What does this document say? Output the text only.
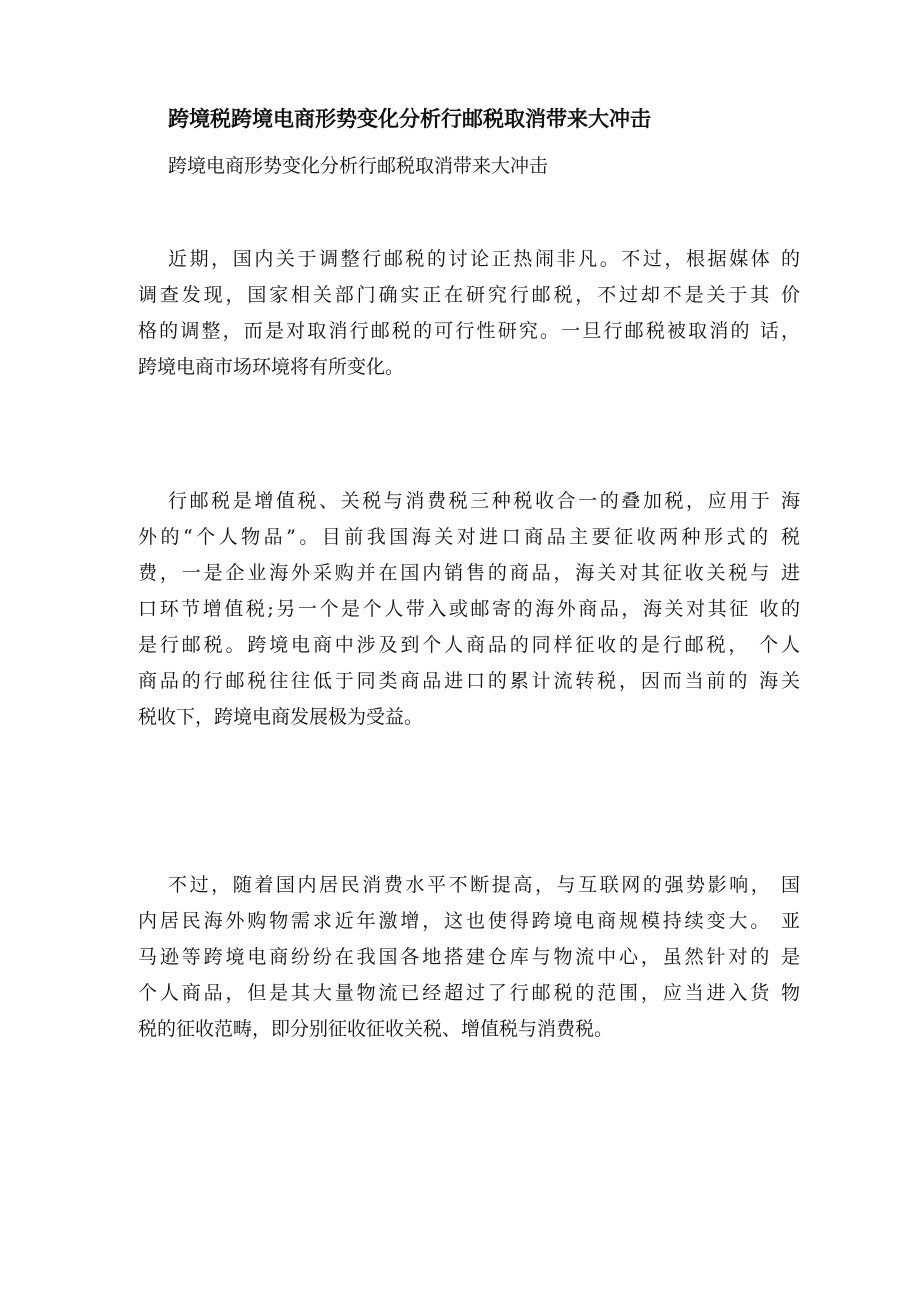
跨境税跨境电商形势变化分析行邮税取消带来大冲击

跨境电商形势变化分析行邮税取消带来大冲击

近期，国内关于调整行邮税的讨论正热闹非凡。不过，根据媒体 的
调查发现，国家相关部门确实正在研究行邮税，不过却不是关于其 价
格的调整，而是对取消行邮税的可行性研究。一旦行邮税被取消的 话，
跨境电商市场环境将有所变化。
行邮税是增值税、关税与消费税三种税收合一的叠加税，应用于 海
外的“个人物品”。目前我国海关对进口商品主要征收两种形式的 税
费，一是企业海外采购并在国内销售的商品，海关对其征收关税与 进
口环节增值税;另一个是个人带入或邮寄的海外商品，海关对其征 收的
是行邮税。跨境电商中涉及到个人商品的同样征收的是行邮税， 个人
商品的行邮税往往低于同类商品进口的累计流转税，因而当前的 海关
税收下，跨境电商发展极为受益。
不过，随着国内居民消费水平不断提高，与互联网的强势影响， 国
内居民海外购物需求近年激增，这也使得跨境电商规模持续变大。 亚
马逊等跨境电商纷纷在我国各地搭建仓库与物流中心，虽然针对的 是
个人商品，但是其大量物流已经超过了行邮税的范围，应当进入货 物
税的征收范畴，即分别征收征收关税、增值税与消费税。
